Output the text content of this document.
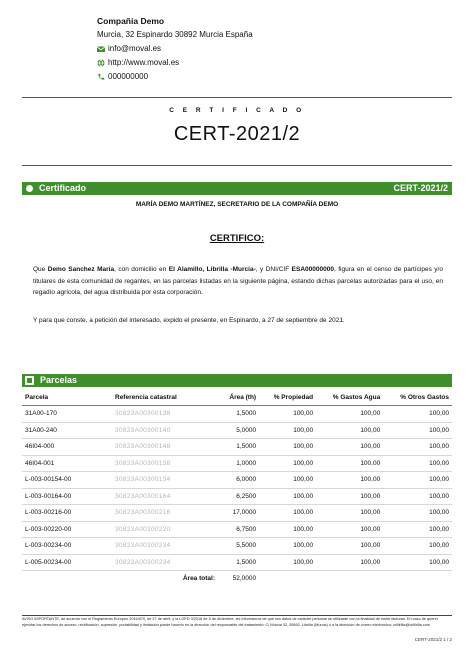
Compañía Demo
Murcia, 32 Espinardo 30892 Murcia España
info@moval.es
http://www.moval.es
000000000
C E R T I F I C A D O
CERT-2021/2
Certificado	CERT-2021/2
MARÍA DEMO MARTÍNEZ, SECRETARIO DE LA COMPAÑÍA DEMO
CERTIFICO:
Que Demo Sanchez María, con domicilio en El Alamillo, Librilla -Murcia-, y DNI/CIF ESA00000000, figura en el censo de partícipes y/o titulares de esta comunidad de regantes, en las parcelas listadas en la siguiente página, estando dichas parcelas autorizadas para el uso, en regadío agrícola, del agua distribuida por esta corporación.
Y para que conste, a petición del interesado, expido el presente, en Espinardo, a 27 de septiembre de 2021.
Parcelas
Parcela	Referencia catastral	Área (th)	% Propiedad	% Gastos Agua	% Otros Gastos
31A00-170	30823A00300138	1,5000	100,00	100,00	100,00
31A00-240	30823A00300140	5,0000	100,00	100,00	100,00
46I04-000	30823A00300148	1,5000	100,00	100,00	100,00
46I04-001	30823A00300158	1,0000	100,00	100,00	100,00
L-003-00154-00	30823A00300154	6,0000	100,00	100,00	100,00
L-003-00164-00	30823A00300164	6,2500	100,00	100,00	100,00
L-003-00216-00	30823A00300216	17,0000	100,00	100,00	100,00
L-003-00220-00	30823A00300220	6,7500	100,00	100,00	100,00
L-003-00234-00	30823A00300234	5,5000	100,00	100,00	100,00
L-005-00234-00	30823A00300234	1,5000	100,00	100,00	100,00
	Área total:	52,0000			
AVISO IMPORTANTE: de acuerdo con el Reglamento Europeo 2016/679, de 27 de abril, y la LOPD 3/2018 de 5 de diciembre, les informamos de que sus datos de carácter personal se utilizarán con la finalidad de emitir facturas. En caso de querer ejercitar los derechos de acceso, rectificación, supresión, portabilidad y limitación puede hacerlo en la dirección del responsable del tratamiento: C/ Murcia 32, 30892, Librilla (Murcia) o a la dirección de correo electrónico: crillirilla@crillirilla.com
CERT-2021/2 1 / 2
